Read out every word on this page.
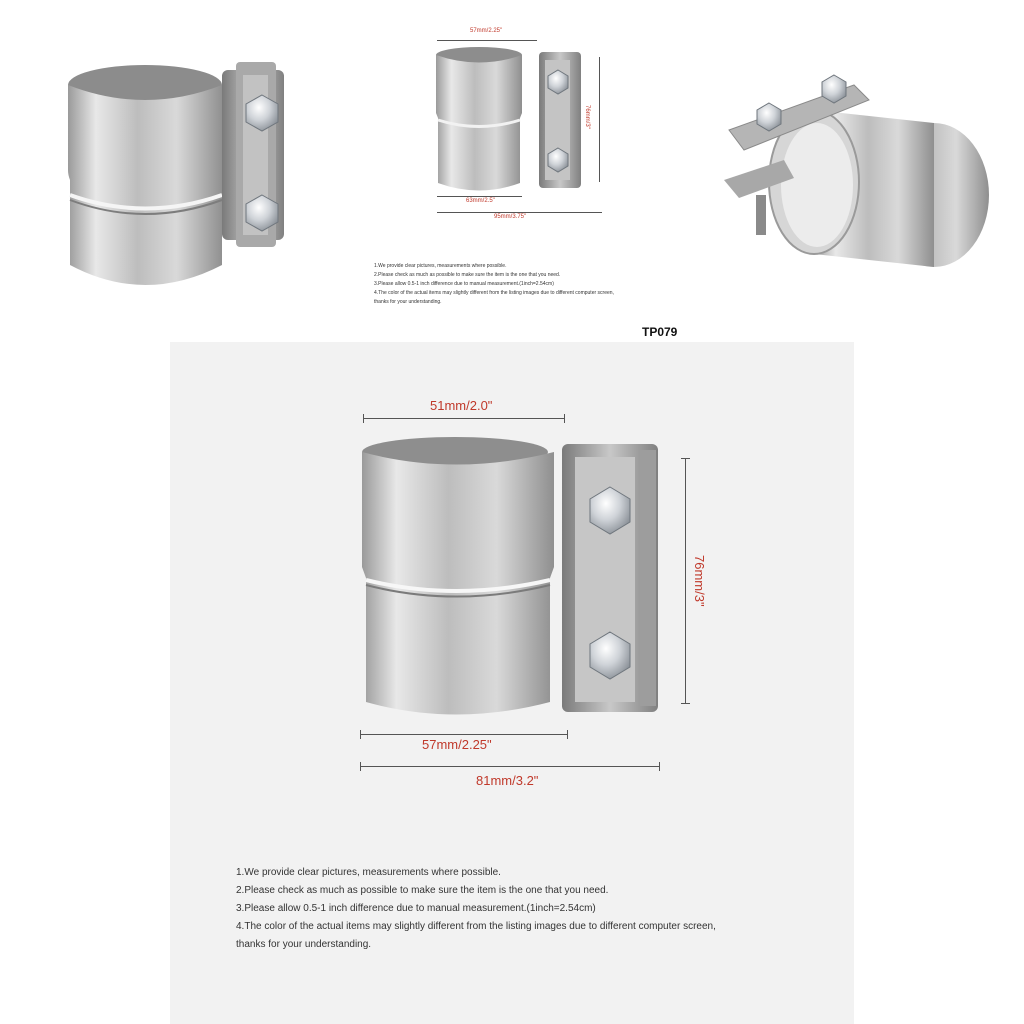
57mm/2.25"
76mm/3"
63mm/2.5"
95mm/3.75"
1.We provide clear pictures, measurements where possible.
2.Please check as much as possible to make sure the item is the one that you need.
3.Please allow 0.5-1 inch difference due to manual measurement.(1inch=2.54cm)
4.The color of the actual items may slightly different from the listing images due to different computer screen,
thanks for your understanding.
TP079
51mm/2.0"
76mm/3"
57mm/2.25"
81mm/3.2"
1.We provide clear pictures, measurements where possible.
2.Please check as much as possible to make sure the item is the one that you need.
3.Please allow 0.5-1 inch difference due to manual measurement.(1inch=2.54cm)
4.The color of the actual items may slightly different from the listing images due to different computer screen,
thanks for your understanding.
